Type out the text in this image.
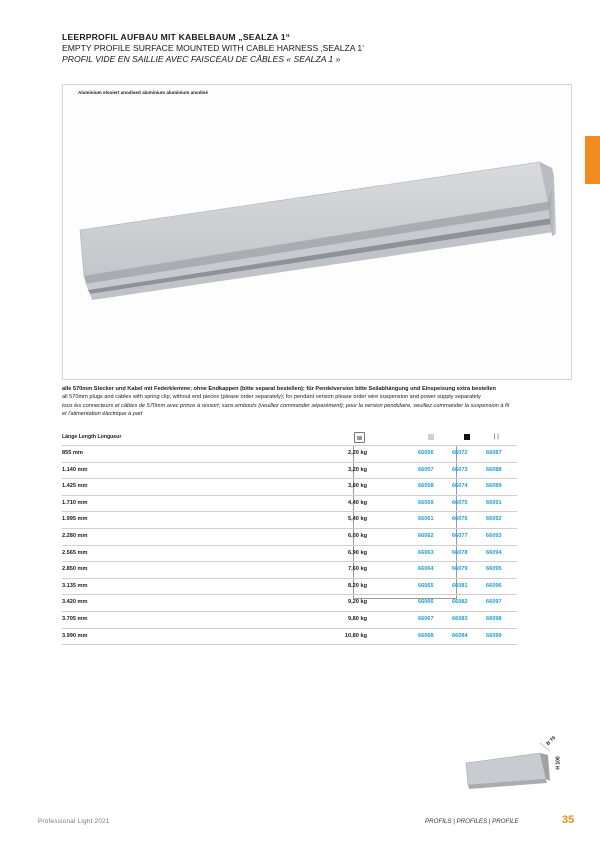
LEERPROFIL AUFBAU MIT KABELBAUM „SEALZA 1“
EMPTY PROFILE SURFACE MOUNTED WITH CABLE HARNESS ‚SEALZA 1‘
PROFIL VIDE EN SAILLIE AVEC FAISCEAU DE CÂBLES « SEALZA 1 »
Aluminium eloxiert anodised aluminium aluminium anodisé
alle 570mm Stecker und Kabel mit Federklemme; ohne Endkappen (bitte separat bestellen); für Pendelversion bitte Seilabhängung und Einspeisung extra bestellen
all 570mm plugs and cables with spring clip; without end pieces (please order separately); for pendant version please order wire suspension and power supply separately
tous les connecteurs et câbles de 570mm avec prince à ressort; sans embouts (veuillez commander séparément); pour la version pendulaire, veuillez commander la suspension à fil
et l'alimentation électrique à part
Länge Length Longueur	| |
855 mm	2,20 kg	66056	66072	66087
1.140 mm	3,20 kg	66057	66073	66088
1.425 mm	3,80 kg	66058	66074	66089
1.710 mm	4,40 kg	66059	66075	66091
1.995 mm	5,40 kg	66061	66076	66092
2.280 mm	6,00 kg	66062	66077	66093
2.565 mm	6,90 kg	66063	66078	66094
2.850 mm	7,60 kg	66064	66079	66095
3.135 mm	8,20 kg	66065	66081	66096
3.420 mm	9,20 kg	66066	66082	66097
3.705 mm	9,80 kg	66067	66083	66098
3.990 mm	10,80 kg	66068	66084	66099
B 70
H 100
Professional Light 2021	PROFILS | PROFILES | PROFILE	35
